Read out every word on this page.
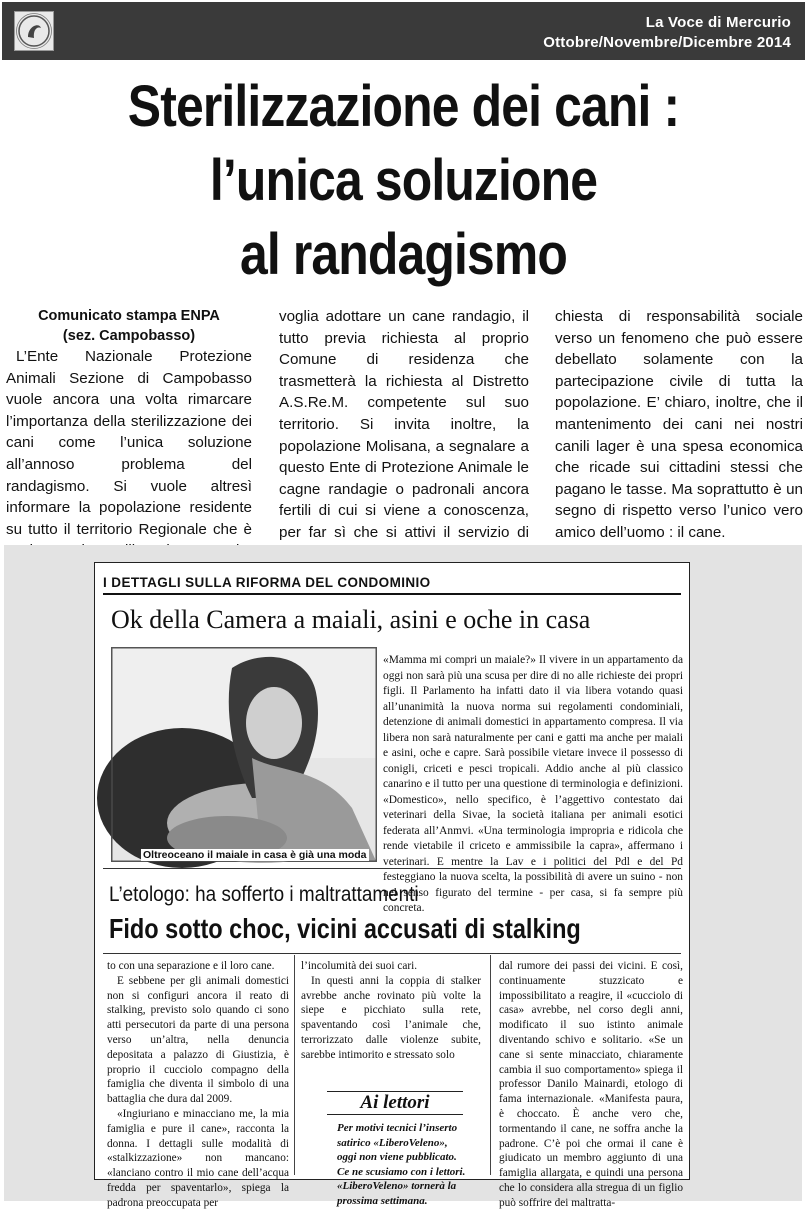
La Voce di Mercurio
Ottobre/Novembre/Dicembre 2014
Sterilizzazione dei cani :
l’unica soluzione
al randagismo
Comunicato stampa ENPA
(sez. Campobasso)
L’Ente Nazionale Protezione Animali Sezione di Campobasso vuole ancora una volta rimarcare l’importanza della sterilizzazione dei cani come l’unica soluzione all’annoso problema del randagismo. Si vuole altresì informare la popolazione residente su tutto il territorio Regionale che è
voglia adottare un cane randagio, il tutto previa richiesta al proprio Comune di residenza che trasmetterà la richiesta al Distretto A.S.Re.M. competente sul suo territorio. Si invita inoltre, la popolazione Molisana, a segnalare a questo Ente di Protezione Animale le cagne randagie o padronali ancora fertili di cui si viene a conoscenza, per far sì che si attivi il servizio di
chiesta di responsabilità sociale verso un fenomeno che può essere debellato solamente con la partecipazione civile di tutta la popolazione. E’ chiaro, inoltre, che il mantenimento dei cani nei nostri canili lager è una spesa economica che ricade sui cittadini stessi che pagano le tasse. Ma soprattutto è un segno di rispetto verso l’unico vero amico dell’uomo : il cane.
I DETTAGLI SULLA RIFORMA DEL CONDOMINIO
Ok della Camera a maiali, asini e oche in casa
Oltreoceano il maiale in casa è già una moda
«Mamma mi compri un maiale?» Il vivere in un appartamento da oggi non sarà più una scusa per dire di no alle richieste dei propri figli. Il Parlamento ha infatti dato il via libera votando quasi all’unanimità la nuova norma sui regolamenti condominiali, detenzione di animali domestici in appartamento compresa. Il via libera non sarà naturalmente per cani e gatti ma anche per maiali e asini, oche e capre. Sarà possibile vietare invece il possesso di conigli, criceti e pesci tropicali. Addio anche al più classico canarino e il tutto per una questione di terminologia e definizioni. «Domestico», nello specifico, è l’aggettivo contestato dai veterinari della Sivae, la società italiana per animali esotici federata all’Anmvi. «Una terminologia impropria e ridicola che rende vietabile il criceto e ammissibile la capra», affermano i veterinari. E mentre la Lav e i politici del Pdl e del Pd festeggiano la nuova scelta, la possibilità di avere un suino - non nel senso figurato del termine - per casa, si fa sempre più concreta.
L’etologo: ha sofferto i maltrattamenti
Fido sotto choc, vicini accusati di stalking
to con una separazione e il loro cane.
E sebbene per gli animali domestici non si configuri ancora il reato di stalking, previsto solo quando ci sono atti persecutori da parte di una persona verso un’altra, nella denuncia depositata a palazzo di Giustizia, è proprio il cucciolo compagno della famiglia che diventa il simbolo di una battaglia che dura dal 2009.
«Ingiuriano e minacciano me, la mia famiglia e pure il cane», racconta la donna. I dettagli sulle modalità di «stalkizzazione» non mancano: «lanciano contro il mio cane dell’acqua fredda per spaventarlo», spiega la padrona preoccupata per
l’incolumità dei suoi cari.
In questi anni la coppia di stalker avrebbe anche rovinato più volte la siepe e picchiato sulla rete, spaventando così l’animale che, terrorizzato dalle violenze subite, sarebbe intimorito e stressato solo
Ai lettori
Per motivi tecnici l’inserto satirico «LiberoVeleno», oggi non viene pubblicato. Ce ne scusiamo con i lettori. «LiberoVeleno» tornerà la prossima settimana.
dal rumore dei passi dei vicini. E così, continuamente stuzzicato e impossibilitato a reagire, il «cucciolo di casa» avrebbe, nel corso degli anni, modificato il suo istinto animale diventando schivo e solitario. «Se un cane si sente minacciato, chiaramente cambia il suo comportamento» spiega il professor Danilo Mainardi, etologo di fama internazionale. «Manifesta paura, è choccato. È anche vero che, tormentando il cane, ne soffra anche la padrone. C’è poi che ormai il cane è giudicato un membro aggiunto di una famiglia allargata, e quindi una persona che lo considera alla stregua di un figlio può soffrire dei maltratta-
